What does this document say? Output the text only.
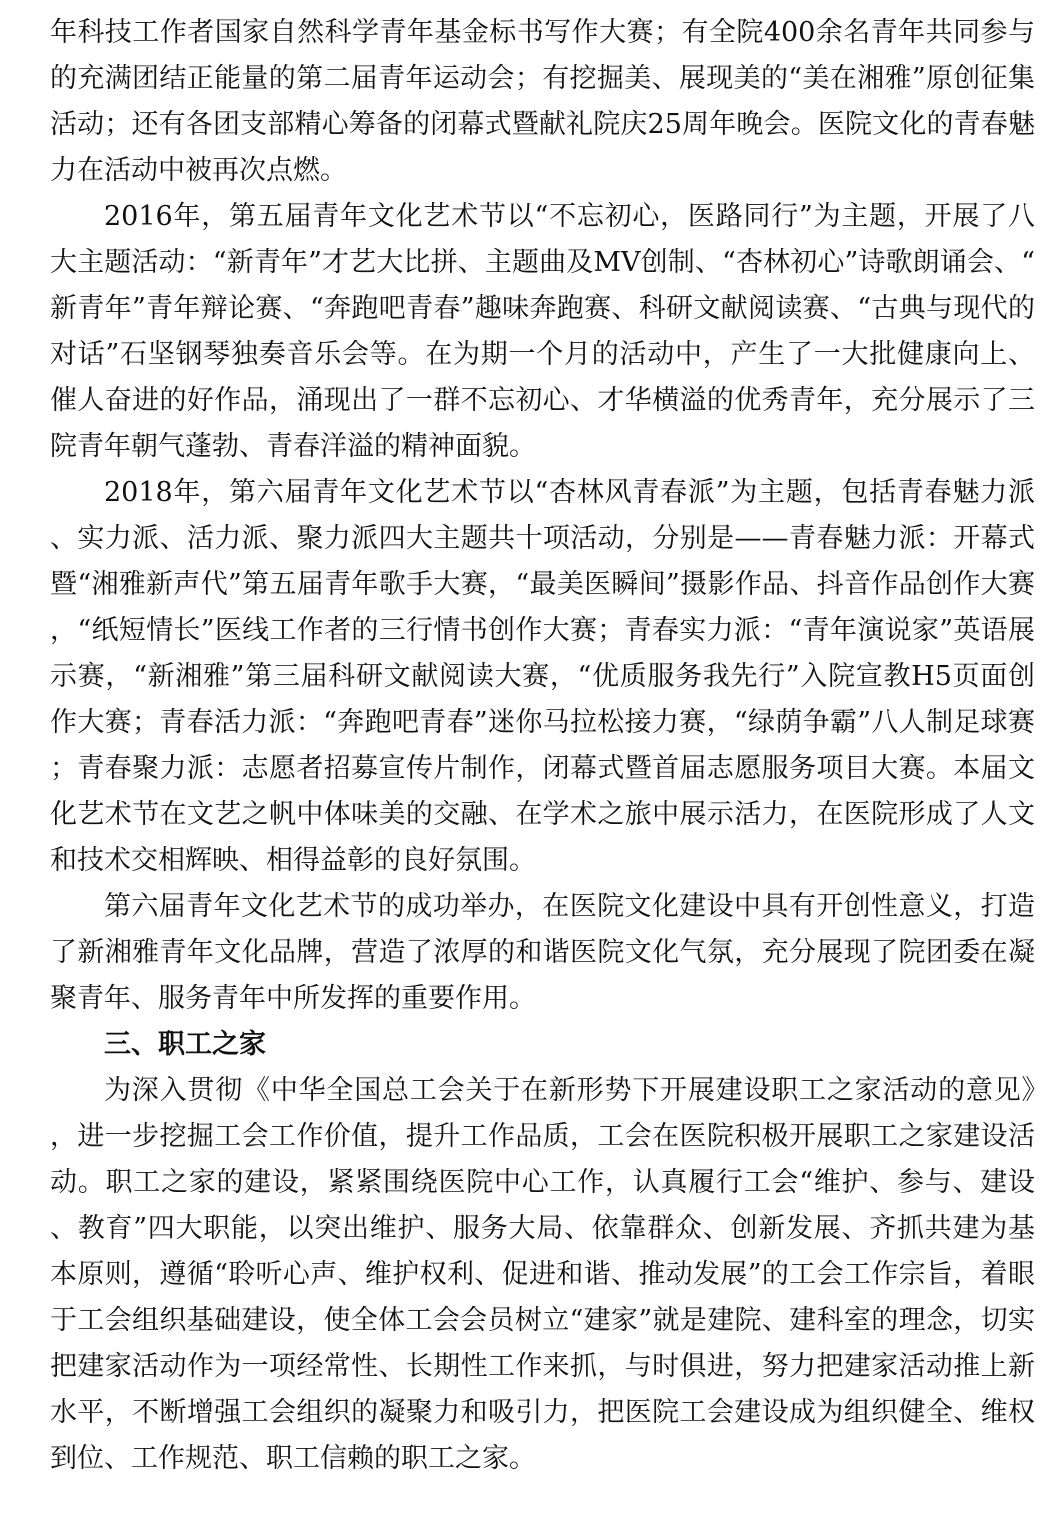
年科技工作者国家自然科学青年基金标书写作大赛；有全院400余名青年共同参与的充满团结正能量的第二届青年运动会；有挖掘美、展现美的“美在湘雅”原创征集活动；还有各团支部精心筹备的闭幕式暨献礼院庆25周年晚会。医院文化的青春魅力在活动中被再次点燃。

2016年，第五届青年文化艺术节以“不忘初心，医路同行”为主题，开展了八大主题活动：“新青年”才艺大比拼、主题曲及MV创制、“杏林初心”诗歌朗诵会、“新青年”青年辩论赛、“奔跑吧青春”趣味奔跑赛、科研文献阅读赛、“古典与现代的对话”石坚钢琴独奏音乐会等。在为期一个月的活动中，产生了一大批健康向上、催人奋进的好作品，涌现出了一群不忘初心、才华横溢的优秀青年，充分展示了三院青年朝气蓬勃、青春洋溢的精神面貌。

2018年，第六届青年文化艺术节以“杏林风青春派”为主题，包括青春魅力派、实力派、活力派、聚力派四大主题共十项活动，分别是——青春魅力派：开幕式暨“湘雅新声代”第五届青年歌手大赛，“最美医瞬间”摄影作品、抖音作品创作大赛，“纸短情长”医线工作者的三行情书创作大赛；青春实力派：“青年演说家”英语展示赛，“新湘雅”第三届科研文献阅读大赛，“优质服务我先行”入院宣教H5页面创作大赛；青春活力派：“奔跑吧青春”迷你马拉松接力赛，“绿荫争霸”八人制足球赛；青春聚力派：志愿者招募宣传片制作，闭幕式暨首届志愿服务项目大赛。本届文化艺术节在文艺之帆中体味美的交融、在学术之旅中展示活力，在医院形成了人文和技术交相辉映、相得益彰的良好氛围。

第六届青年文化艺术节的成功举办，在医院文化建设中具有开创性意义，打造了新湘雅青年文化品牌，营造了浓厚的和谐医院文化气氛，充分展现了院团委在凝聚青年、服务青年中所发挥的重要作用。

三、职工之家

为深入贯彻《中华全国总工会关于在新形势下开展建设职工之家活动的意见》，进一步挖掘工会工作价值，提升工作品质，工会在医院积极开展职工之家建设活动。职工之家的建设，紧紧围绕医院中心工作，认真履行工会“维护、参与、建设、教育”四大职能，以突出维护、服务大局、依靠群众、创新发展、齐抓共建为基本原则，遵循“聆听心声、维护权利、促进和谐、推动发展”的工会工作宗旨，着眼于工会组织基础建设，使全体工会会员树立“建家”就是建院、建科室的理念，切实把建家活动作为一项经常性、长期性工作来抓，与时俱进，努力把建家活动推上新水平，不断增强工会组织的凝聚力和吸引力，把医院工会建设成为组织健全、维权到位、工作规范、职工信赖的职工之家。
